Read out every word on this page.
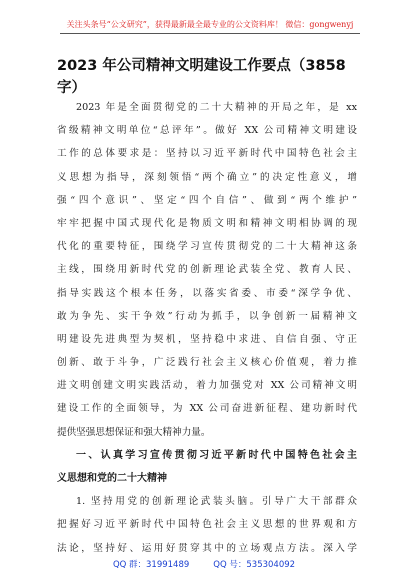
关注头条号“公文研究”，获得最新最全最专业的公文资料库！ 微信：gongwenyj
2023 年公司精神文明建设工作要点（3858
字）
2023 年是全面贯彻党的二十大精神的开局之年，是 xx
省级精神文明单位“总评年”。做好 XX 公司精神文明建设
工作的总体要求是：坚持以习近平新时代中国特色社会主
义思想为指导，深刻领悟“两个确立”的决定性意义，增
强“四个意识”、坚定“四个自信”、做到“两个维护”
牢牢把握中国式现代化是物质文明和精神文明相协调的现
代化的重要特征，围绕学习宣传贯彻党的二十大精神这条
主线，围绕用新时代党的创新理论武装全党、教育人民、
指导实践这个根本任务，以落实省委、市委“深学争优、
敢为争先、实干争效”行动为抓手，以争创新一届精神文
明建设先进典型为契机，坚持稳中求进、自信自强、守正
创新、敢于斗争，广泛践行社会主义核心价值观，着力推
进文明创建文明实践活动，着力加强党对 XX 公司精神文明
建设工作的全面领导，为 XX 公司奋进新征程、建功新时代
提供坚强思想保证和强大精神力量。
一、认真学习宣传贯彻习近平新时代中国特色社会主
义思想和党的二十大精神
1. 坚持用党的创新理论武装头脑。引导广大干部群众
把握好习近平新时代中国特色社会主义思想的世界观和方
法论，坚持好、运用好贯穿其中的立场观点方法。深入学
QQ 群：31991489	QQ 号：535304092
